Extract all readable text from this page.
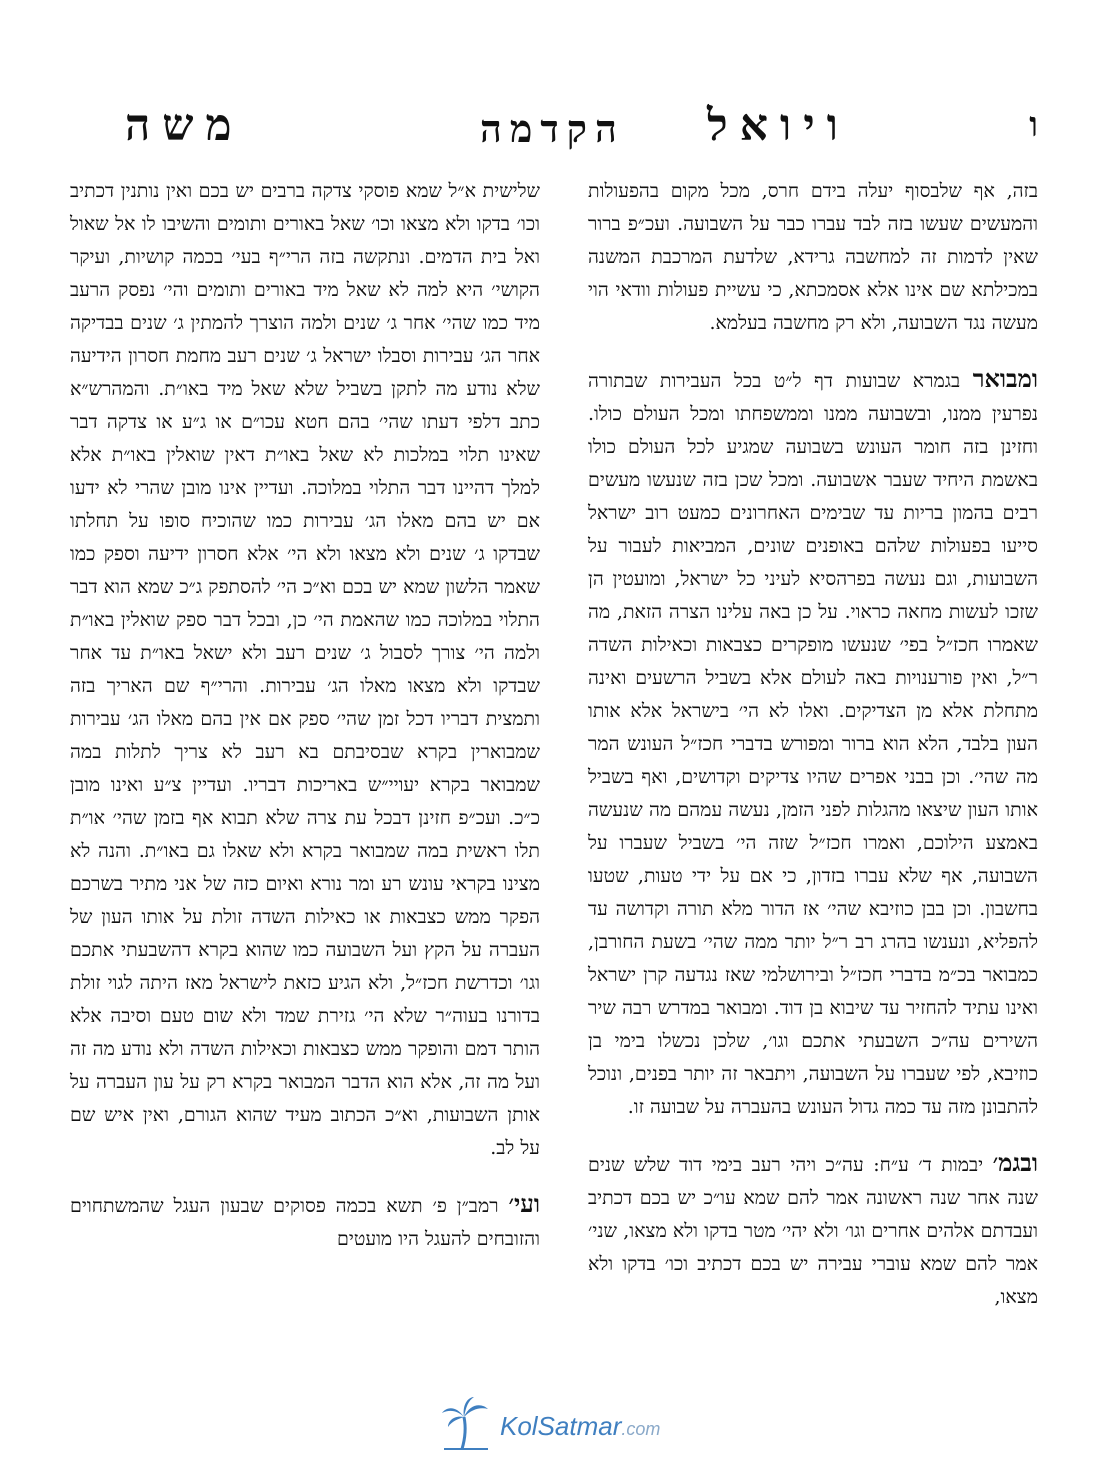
ו
ויואל
הקדמה
משה

בזה, אף שלבסוף יעלה בידם חרס, מכל מקום בהפעולות והמעשים שעשו בזה לבד עברו כבר על השבועה. ועכ״פ ברור שאין לדמות זה למחשבה גרידא, שלדעת המרכבת המשנה במכילתא שם אינו אלא אסמכתא, כי עשיית פעולות וודאי הוי מעשה נגד השבועה, ולא רק מחשבה בעלמא.

ומבואר בגמרא שבועות דף ל״ט בכל העבירות שבתורה נפרעין ממנו, ובשבועה ממנו וממשפחתו ומכל העולם כולו. וחזינן בזה חומר העונש בשבועה שמגיע לכל העולם כולו באשמת היחיד שעבר אשבועה. ומכל שכן בזה שנעשו מעשים רבים בהמון בריות עד שבימים האחרונים כמעט רוב ישראל סייעו בפעולות שלהם באופנים שונים, המביאות לעבור על השבועות, וגם נעשה בפרהסיא לעיני כל ישראל, ומועטין הן שזכו לעשות מחאה כראוי. על כן באה עלינו הצרה הזאת, מה שאמרו חכז״ל בפי׳ שנעשו מופקרים כצבאות וכאילות השדה ר״ל, ואין פורענויות באה לעולם אלא בשביל הרשעים ואינה מתחלת אלא מן הצדיקים. ואלו לא הי׳ בישראל אלא אותו העון בלבד, הלא הוא ברור ומפורש בדברי חכז״ל העונש המר מה שהי׳. וכן בבני אפרים שהיו צדיקים וקדושים, ואף בשביל אותו העון שיצאו מהגלות לפני הזמן, נעשה עמהם מה שנעשה באמצע הילוכם, ואמרו חכז״ל שזה הי׳ בשביל שעברו על השבועה, אף שלא עברו בזדון, כי אם על ידי טעות, שטעו בחשבון. וכן בבן כוזיבא שהי׳ אז הדור מלא תורה וקדושה עד להפליא, ונענשו בהרג רב ר״ל יותר ממה שהי׳ בשעת החורבן, כמבואר בכ״מ בדברי חכז״ל ובירושלמי שאז נגדעה קרן ישראל ואינו עתיד להחזיר עד שיבוא בן דוד. ומבואר במדרש רבה שיר השירים עה״כ השבעתי אתכם וגו׳, שלכן נכשלו בימי בן כוזיבא, לפי שעברו על השבועה, ויתבאר זה יותר בפנים, ונוכל להתבונן מזה עד כמה גדול העונש בהעברה על שבועה זו.

ובגמ׳ יבמות ד׳ ע״ח: עה״כ ויהי רעב בימי דוד שלש שנים שנה אחר שנה ראשונה אמר להם שמא עו״כ יש בכם דכתיב ועבדתם אלהים אחרים וגו׳ ולא יהי׳ מטר בדקו ולא מצאו, שני׳ אמר להם שמא עוברי עבירה יש בכם דכתיב וכו׳ בדקו ולא מצאו,

שלישית א״ל שמא פוסקי צדקה ברבים יש בכם ואין נותנין דכתיב וכו׳ בדקו ולא מצאו וכו׳ שאל באורים ותומים והשיבו לו אל שאול ואל בית הדמים. ונתקשה בזה הרי״ף בעי׳ בכמה קושיות, ועיקר הקושי׳ היא למה לא שאל מיד באורים ותומים והי׳ נפסק הרעב מיד כמו שהי׳ אחר ג׳ שנים ולמה הוצרך להמתין ג׳ שנים בבדיקה אחר הג׳ עבירות וסבלו ישראל ג׳ שנים רעב מחמת חסרון הידיעה שלא נודע מה לתקן בשביל שלא שאל מיד באו״ת. והמהרש״א כתב דלפי דעתו שהי׳ בהם חטא עכו״ם או ג״ע או צדקה דבר שאינו תלוי במלכות לא שאל באו״ת דאין שואלין באו״ת אלא למלך דהיינו דבר התלוי במלוכה. ועדיין אינו מובן שהרי לא ידעו אם יש בהם מאלו הג׳ עבירות כמו שהוכיח סופו על תחלתו שבדקו ג׳ שנים ולא מצאו ולא הי׳ אלא חסרון ידיעה וספק כמו שאמר הלשון שמא יש בכם וא״כ הי׳ להסתפק ג״כ שמא הוא דבר התלוי במלוכה כמו שהאמת הי׳ כן, ובכל דבר ספק שואלין באו״ת ולמה הי׳ צורך לסבול ג׳ שנים רעב ולא ישאל באו״ת עד אחר שבדקו ולא מצאו מאלו הג׳ עבירות. והרי״ף שם האריך בזה ותמצית דבריו דכל זמן שהי׳ ספק אם אין בהם מאלו הג׳ עבירות שמבוארין בקרא שבסיבתם בא רעב לא צריך לתלות במה שמבואר בקרא יעויי״ש באריכות דבריו. ועדיין צ״ע ואינו מובן כ״כ. ועכ״פ חזינן דבכל עת צרה שלא תבוא אף בזמן שהי׳ או״ת תלו ראשית במה שמבואר בקרא ולא שאלו גם באו״ת. והנה לא מצינו בקראי עונש רע ומר נורא ואיום כזה של אני מתיר בשרכם הפקר ממש כצבאות או כאילות השדה זולת על אותו העון של העברה על הקץ ועל השבועה כמו שהוא בקרא דהשבעתי אתכם וגו׳ וכדרשת חכז״ל, ולא הגיע כזאת לישראל מאז היתה לגוי זולת בדורנו בעוה״ר שלא הי׳ גזירת שמד ולא שום טעם וסיבה אלא הותר דמם והופקר ממש כצבאות וכאילות השדה ולא נודע מה זה ועל מה זה, אלא הוא הדבר המבואר בקרא רק על עון העברה על אותן השבועות, וא״כ הכתוב מעיד שהוא הגורם, ואין איש שם על לב.

ועי׳ רמב״ן פ׳ תשא בכמה פסוקים שבעון העגל שהמשתחוים והזובחים להעגל היו מועטים

KolSatmar.com
